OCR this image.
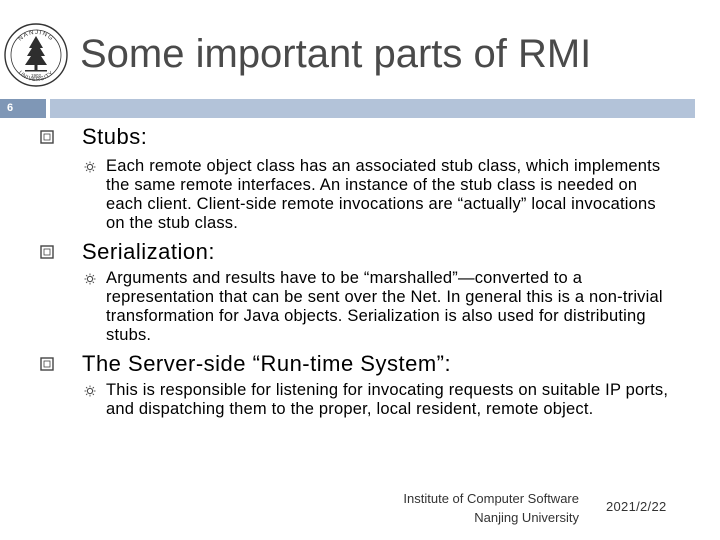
NANJING
UNIVERSITY
1902 Some important parts of RMI
6
Stubs:
Each remote object class has an associated stub class, which implements the same remote interfaces. An instance of the stub class is needed on each client. Client-side remote invocations are “actually” local invocations on the stub class.
Serialization:
Arguments and results have to be “marshalled”—converted to a representation that can be sent over the Net. In general this is a non-trivial transformation for Java objects. Serialization is also used for distributing stubs.
The Server-side “Run-time System”:
This is responsible for listening for invocating requests on suitable IP ports, and dispatching them to the proper, local resident, remote object.
Institute of Computer Software
Nanjing University
2021/2/22
